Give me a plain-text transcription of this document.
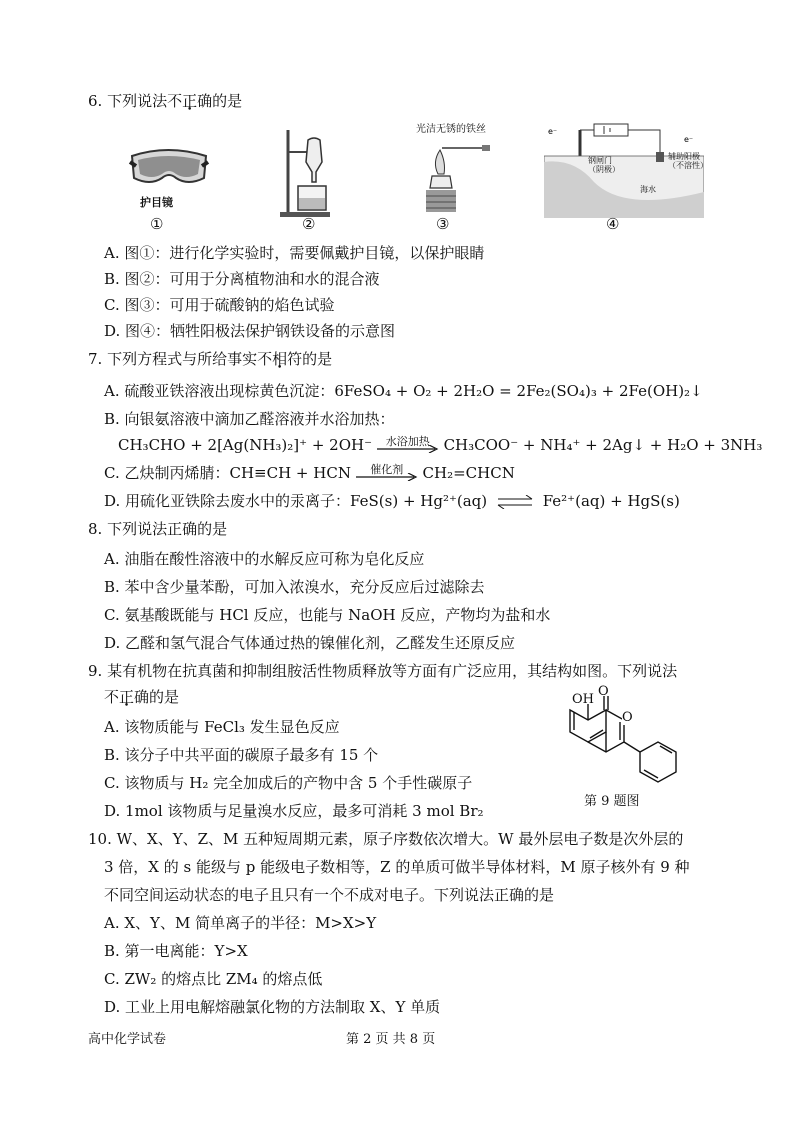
6. 下列说法不正确的是
护目镜
光洁无锈的铁丝	e⁻
e⁻
钢闸门
（阴极）
辅助阳极
（不溶性）
海水
①	②	③	④
A. 图①：进行化学实验时，需要佩戴护目镜，以保护眼睛
B. 图②：可用于分离植物油和水的混合液
C. 图③：可用于硫酸钠的焰色试验
D. 图④：牺牲阳极法保护钢铁设备的示意图
7. 下列方程式与所给事实不相符的是
A. 硫酸亚铁溶液出现棕黄色沉淀：6FeSO₄ + O₂ + 2H₂O = 2Fe₂(SO₄)₃ + 2Fe(OH)₂↓
B. 向银氨溶液中滴加乙醛溶液并水浴加热：
CH₃CHO + 2[Ag(NH₃)₂]⁺ + 2OH⁻	水浴加热 CH₃COO⁻ + NH₄⁺ + 2Ag↓ + H₂O + 3NH₃
C. 乙炔制丙烯腈：CH≡CH + HCN	催化剂	CH₂=CHCN
D. 用硫化亚铁除去废水中的汞离子：FeS(s) + Hg²⁺(aq) ⇌ Fe²⁺(aq) + HgS(s)
8. 下列说法正确的是
A. 油脂在酸性溶液中的水解反应可称为皂化反应
B. 苯中含少量苯酚，可加入浓溴水，充分反应后过滤除去
C. 氨基酸既能与 HCl 反应，也能与 NaOH 反应，产物均为盐和水
D. 乙醛和氢气混合气体通过热的镍催化剂，乙醛发生还原反应
9. 某有机物在抗真菌和抑制组胺活性物质释放等方面有广泛应用，其结构如图。下列说法
不正确的是
A. 该物质能与 FeCl₃ 发生显色反应
B. 该分子中共平面的碳原子最多有 15 个
C. 该物质与 H₂ 完全加成后的产物中含 5 个手性碳原子
D. 1mol 该物质与足量溴水反应，最多可消耗 3 mol Br₂
OH
O
O
第 9 题图
10. W、X、Y、Z、M 五种短周期元素，原子序数依次增大。W 最外层电子数是次外层的
3 倍，X 的 s 能级与 p 能级电子数相等，Z 的单质可做半导体材料，M 原子核外有 9 种
不同空间运动状态的电子且只有一个不成对电子。下列说法正确的是
A. X、Y、M 简单离子的半径：M>X>Y
B. 第一电离能：Y>X
C. ZW₂ 的熔点比 ZM₄ 的熔点低
D. 工业上用电解熔融氯化物的方法制取 X、Y 单质
高中化学试卷	第 2 页 共 8 页
